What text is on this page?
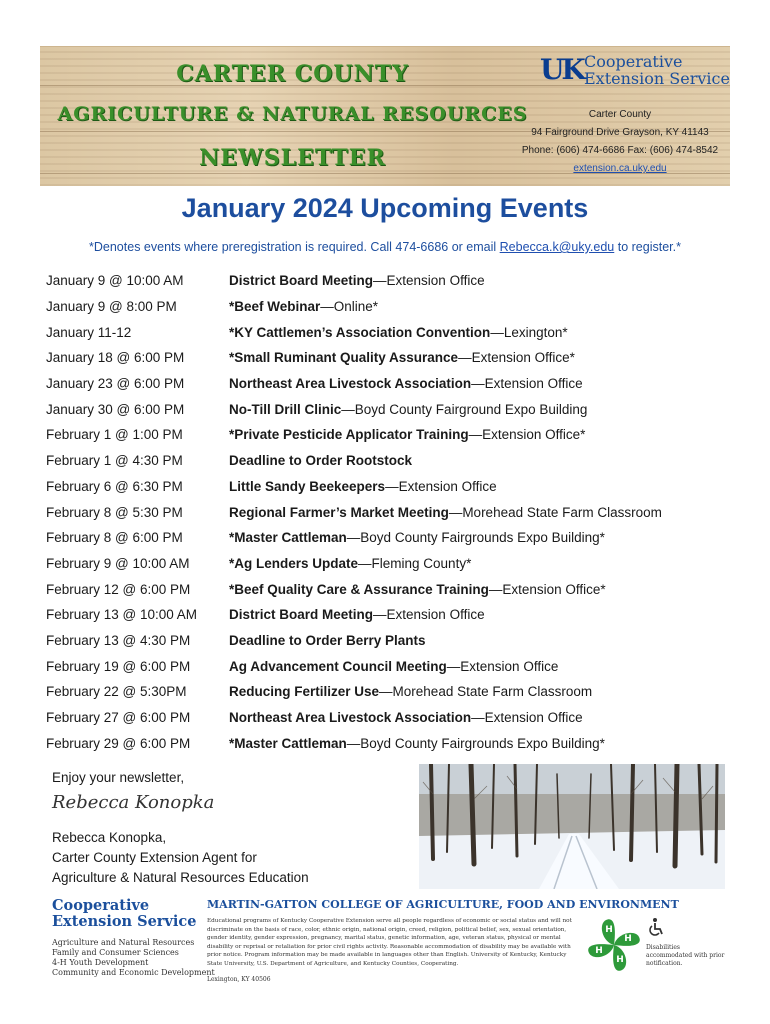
CARTER COUNTY
AGRICULTURE & NATURAL RESOURCES
NEWSLETTER
UK Cooperative
Extension Service
Carter County
94 Fairground Drive Grayson, KY 41143
Phone: (606) 474-6686 Fax: (606) 474-8542
extension.ca.uky.edu
January 2024 Upcoming Events
*Denotes events where preregistration is required. Call 474-6686 or email Rebecca.k@uky.edu to register.*
January 9 @ 10:00 AM	District Board Meeting —Extension Office
January 9 @ 8:00 PM	*Beef Webinar —Online*
January 11-12	*KY Cattlemen’s Association Convention —Lexington*
January 18 @ 6:00 PM	*Small Ruminant Quality Assurance —Extension Office*
January 23 @ 6:00 PM	Northeast Area Livestock Association —Extension Office
January 30 @ 6:00 PM	No-Till Drill Clinic —Boyd County Fairground Expo Building
February 1 @ 1:00 PM	*Private Pesticide Applicator Training —Extension Office*
February 1 @ 4:30 PM	Deadline to Order Rootstock
February 6 @ 6:30 PM	Little Sandy Beekeepers —Extension Office
February 8 @ 5:30 PM	Regional Farmer’s Market Meeting —Morehead State Farm Classroom
February 8 @ 6:00 PM	*Master Cattleman —Boyd County Fairgrounds Expo Building*
February 9 @ 10:00 AM	*Ag Lenders Update —Fleming County*
February 12 @ 6:00 PM	*Beef Quality Care & Assurance Training —Extension Office*
February 13 @ 10:00 AM	District Board Meeting —Extension Office
February 13 @ 4:30 PM	Deadline to Order Berry Plants
February 19 @ 6:00 PM	Ag Advancement Council Meeting —Extension Office
February 22 @ 5:30PM	Reducing Fertilizer Use —Morehead State Farm Classroom
February 27 @ 6:00 PM	Northeast Area Livestock Association —Extension Office
February 29 @ 6:00 PM	*Master Cattleman —Boyd County Fairgrounds Expo Building*
Enjoy your newsletter,
Rebecca Konopka
Rebecca Konopka,
Carter County Extension Agent for
Agriculture & Natural Resources Education
Cooperative
Extension Service
Agriculture and Natural Resources
Family and Consumer Sciences
4-H Youth Development
Community and Economic Development
MARTIN-GATTON COLLEGE OF AGRICULTURE, FOOD AND ENVIRONMENT
Educational programs of Kentucky Cooperative Extension serve all people regardless of economic or social status and will not discriminate on the basis of race, color, ethnic origin, national origin, creed, religion, political belief, sex, sexual orientation, gender identity, gender expression, pregnancy, marital status, genetic information, age, veteran status, physical or mental disability or reprisal or retaliation for prior civil rights activity. Reasonable accommodation of disability may be available with prior notice. Program information may be made available in languages other than English. University of Kentucky, Kentucky State University, U.S. Department of Agriculture, and Kentucky Counties, Cooperating.
Lexington, KY 40506
H
H
H
H	Disabilities accommodated with prior notification.
